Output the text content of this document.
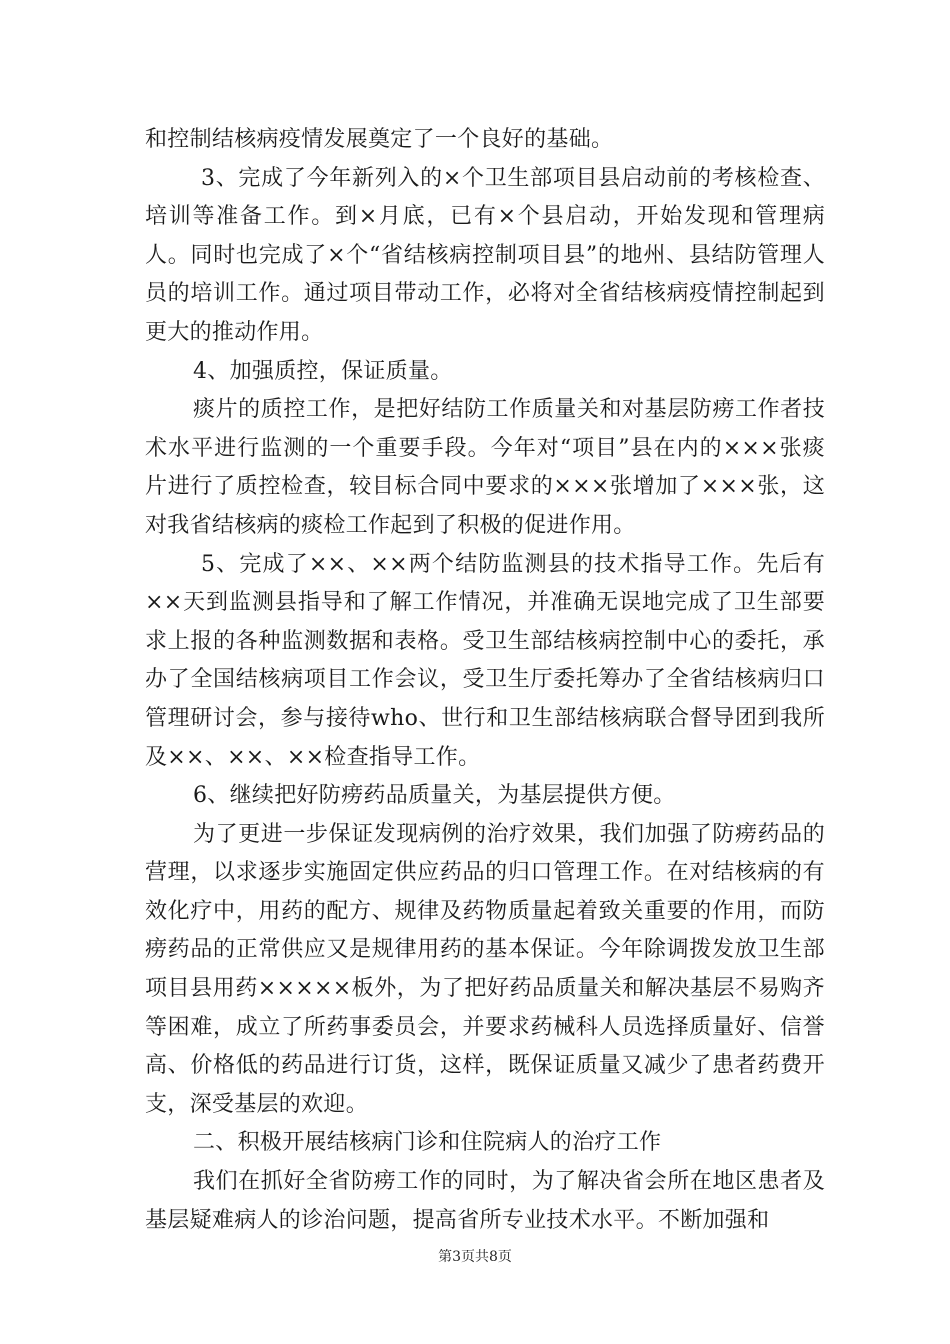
和控制结核病疫情发展奠定了一个良好的基础。

3、完成了今年新列入的×个卫生部项目县启动前的考核检查、培训等准备工作。到×月底，已有×个县启动，开始发现和管理病人。同时也完成了×个“省结核病控制项目县”的地州、县结防管理人员的培训工作。通过项目带动工作，必将对全省结核病疫情控制起到更大的推动作用。

4、加强质控，保证质量。

痰片的质控工作，是把好结防工作质量关和对基层防痨工作者技术水平进行监测的一个重要手段。今年对“项目”县在内的×××张痰片进行了质控检查，较目标合同中要求的×××张增加了×××张，这对我省结核病的痰检工作起到了积极的促进作用。

5、完成了××、××两个结防监测县的技术指导工作。先后有××天到监测县指导和了解工作情况，并准确无误地完成了卫生部要求上报的各种监测数据和表格。受卫生部结核病控制中心的委托，承办了全国结核病项目工作会议，受卫生厅委托筹办了全省结核病归口管理研讨会，参与接待who、世行和卫生部结核病联合督导团到我所及××、××、××检查指导工作。

6、继续把好防痨药品质量关，为基层提供方便。

为了更进一步保证发现病例的治疗效果，我们加强了防痨药品的营理，以求逐步实施固定供应药品的归口管理工作。在对结核病的有效化疗中，用药的配方、规律及药物质量起着致关重要的作用，而防痨药品的正常供应又是规律用药的基本保证。今年除调拨发放卫生部项目县用药×××××板外，为了把好药品质量关和解决基层不易购齐等困难，成立了所药事委员会，并要求药械科人员选择质量好、信誉高、价格低的药品进行订货，这样，既保证质量又减少了患者药费开支，深受基层的欢迎。

二、积极开展结核病门诊和住院病人的治疗工作

我们在抓好全省防痨工作的同时，为了解决省会所在地区患者及基层疑难病人的诊治问题，提高省所专业技术水平。不断加强和

第3页共8页
